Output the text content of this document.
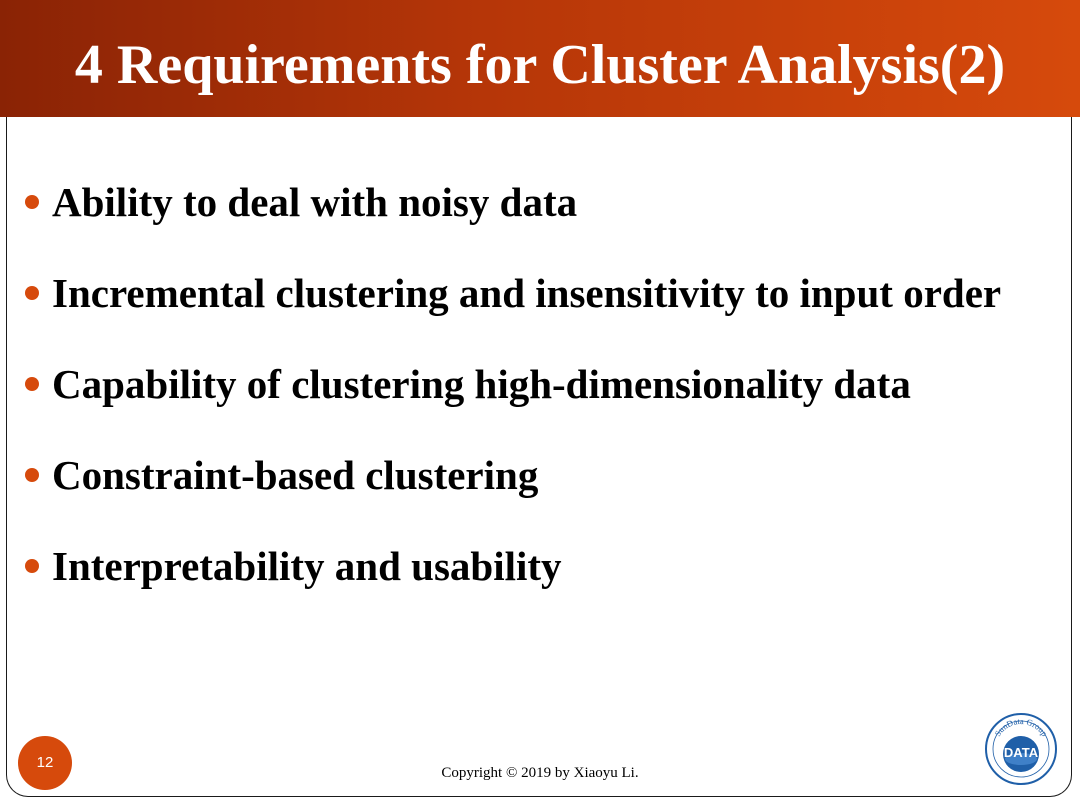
4 Requirements for Cluster Analysis(2)
Ability to deal with noisy data
Incremental clustering and insensitivity to input order
Capability of clustering high-dimensionality data
Constraint-based clustering
Interpretability and usability
12
Copyright © 2019 by Xiaoyu Li.
SunData Group
DATA
